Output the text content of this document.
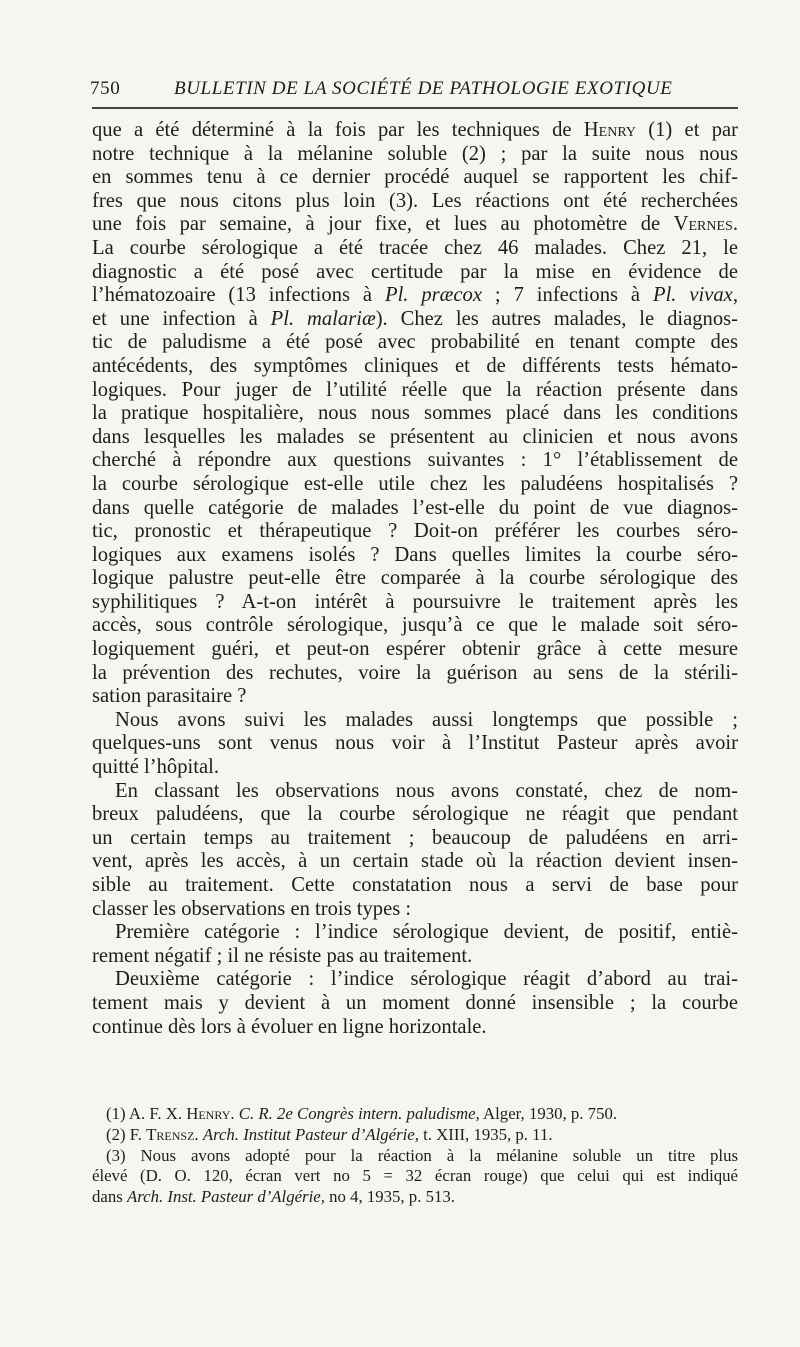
750	BULLETIN DE LA SOCIÉTÉ DE PATHOLOGIE EXOTIQUE
que a été déterminé à la fois par les techniques de Henry (1) et par
notre technique à la mélanine soluble (2) ; par la suite nous nous
en sommes tenu à ce dernier procédé auquel se rapportent les chif-
fres que nous citons plus loin (3). Les réactions ont été recherchées
une fois par semaine, à jour fixe, et lues au photomètre de Vernes.
La courbe sérologique a été tracée chez 46 malades. Chez 21, le
diagnostic a été posé avec certitude par la mise en évidence de
l’hématozoaire (13 infections à Pl. præcox ; 7 infections à Pl. vivax,
et une infection à Pl. malariæ). Chez les autres malades, le diagnos-
tic de paludisme a été posé avec probabilité en tenant compte des
antécédents, des symptômes cliniques et de différents tests hémato-
logiques. Pour juger de l’utilité réelle que la réaction présente dans
la pratique hospitalière, nous nous sommes placé dans les conditions
dans lesquelles les malades se présentent au clinicien et nous avons
cherché à répondre aux questions suivantes : 1° l’établissement de
la courbe sérologique est-elle utile chez les paludéens hospitalisés ?
dans quelle catégorie de malades l’est-elle du point de vue diagnos-
tic, pronostic et thérapeutique ? Doit-on préférer les courbes séro-
logiques aux examens isolés ? Dans quelles limites la courbe séro-
logique palustre peut-elle être comparée à la courbe sérologique des
syphilitiques ? A-t-on intérêt à poursuivre le traitement après les
accès, sous contrôle sérologique, jusqu’à ce que le malade soit séro-
logiquement guéri, et peut-on espérer obtenir grâce à cette mesure
la prévention des rechutes, voire la guérison au sens de la stérili-
sation parasitaire ?
Nous avons suivi les malades aussi longtemps que possible ;
quelques-uns sont venus nous voir à l’Institut Pasteur après avoir
quitté l’hôpital.
En classant les observations nous avons constaté, chez de nom-
breux paludéens, que la courbe sérologique ne réagit que pendant
un certain temps au traitement ; beaucoup de paludéens en arri-
vent, après les accès, à un certain stade où la réaction devient insen-
sible au traitement. Cette constatation nous a servi de base pour
classer les observations en trois types :
Première catégorie : l’indice sérologique devient, de positif, entiè-
rement négatif ; il ne résiste pas au traitement.
Deuxième catégorie : l’indice sérologique réagit d’abord au trai-
tement mais y devient à un moment donné insensible ; la courbe
continue dès lors à évoluer en ligne horizontale.
(1) A. F. X. Henry. C. R. 2e Congrès intern. paludisme, Alger, 1930, p. 750.
(2) F. Trensz. Arch. Institut Pasteur d’Algérie, t. XIII, 1935, p. 11.
(3) Nous avons adopté pour la réaction à la mélanine soluble un titre plus
élevé (D. O. 120, écran vert no 5 = 32 écran rouge) que celui qui est indiqué
dans Arch. Inst. Pasteur d’Algérie, no 4, 1935, p. 513.
